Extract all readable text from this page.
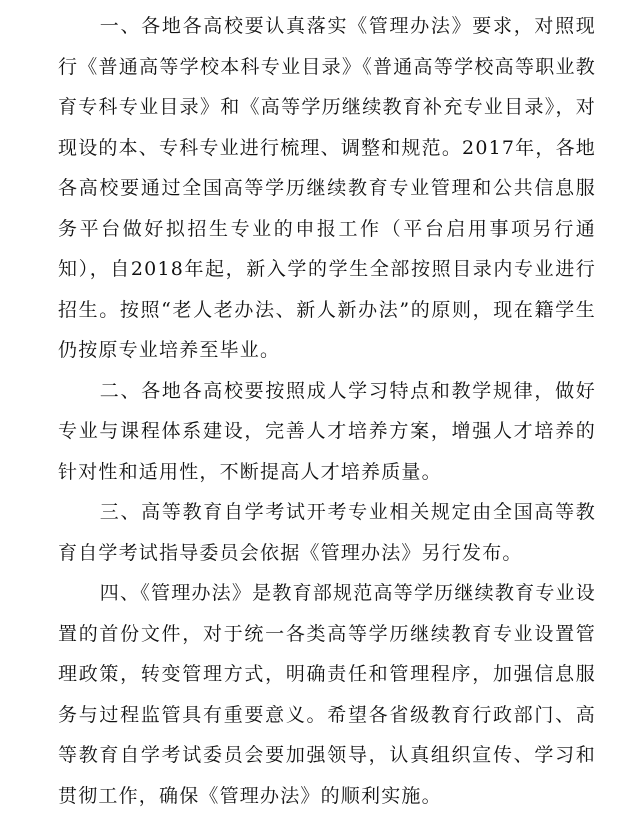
一、各地各高校要认真落实《管理办法》要求，对照现行《普通高等学校本科专业目录》《普通高等学校高等职业教育专科专业目录》和《高等学历继续教育补充专业目录》，对现设的本、专科专业进行梳理、调整和规范。2017年，各地各高校要通过全国高等学历继续教育专业管理和公共信息服务平台做好拟招生专业的申报工作（平台启用事项另行通知），自2018年起，新入学的学生全部按照目录内专业进行招生。按照“老人老办法、新人新办法”的原则，现在籍学生仍按原专业培养至毕业。

二、各地各高校要按照成人学习特点和教学规律，做好专业与课程体系建设，完善人才培养方案，增强人才培养的针对性和适用性，不断提高人才培养质量。

三、高等教育自学考试开考专业相关规定由全国高等教育自学考试指导委员会依据《管理办法》另行发布。

四、《管理办法》是教育部规范高等学历继续教育专业设置的首份文件，对于统一各类高等学历继续教育专业设置管理政策，转变管理方式，明确责任和管理程序，加强信息服务与过程监管具有重要意义。希望各省级教育行政部门、高等教育自学考试委员会要加强领导，认真组织宣传、学习和贯彻工作，确保《管理办法》的顺利实施。
